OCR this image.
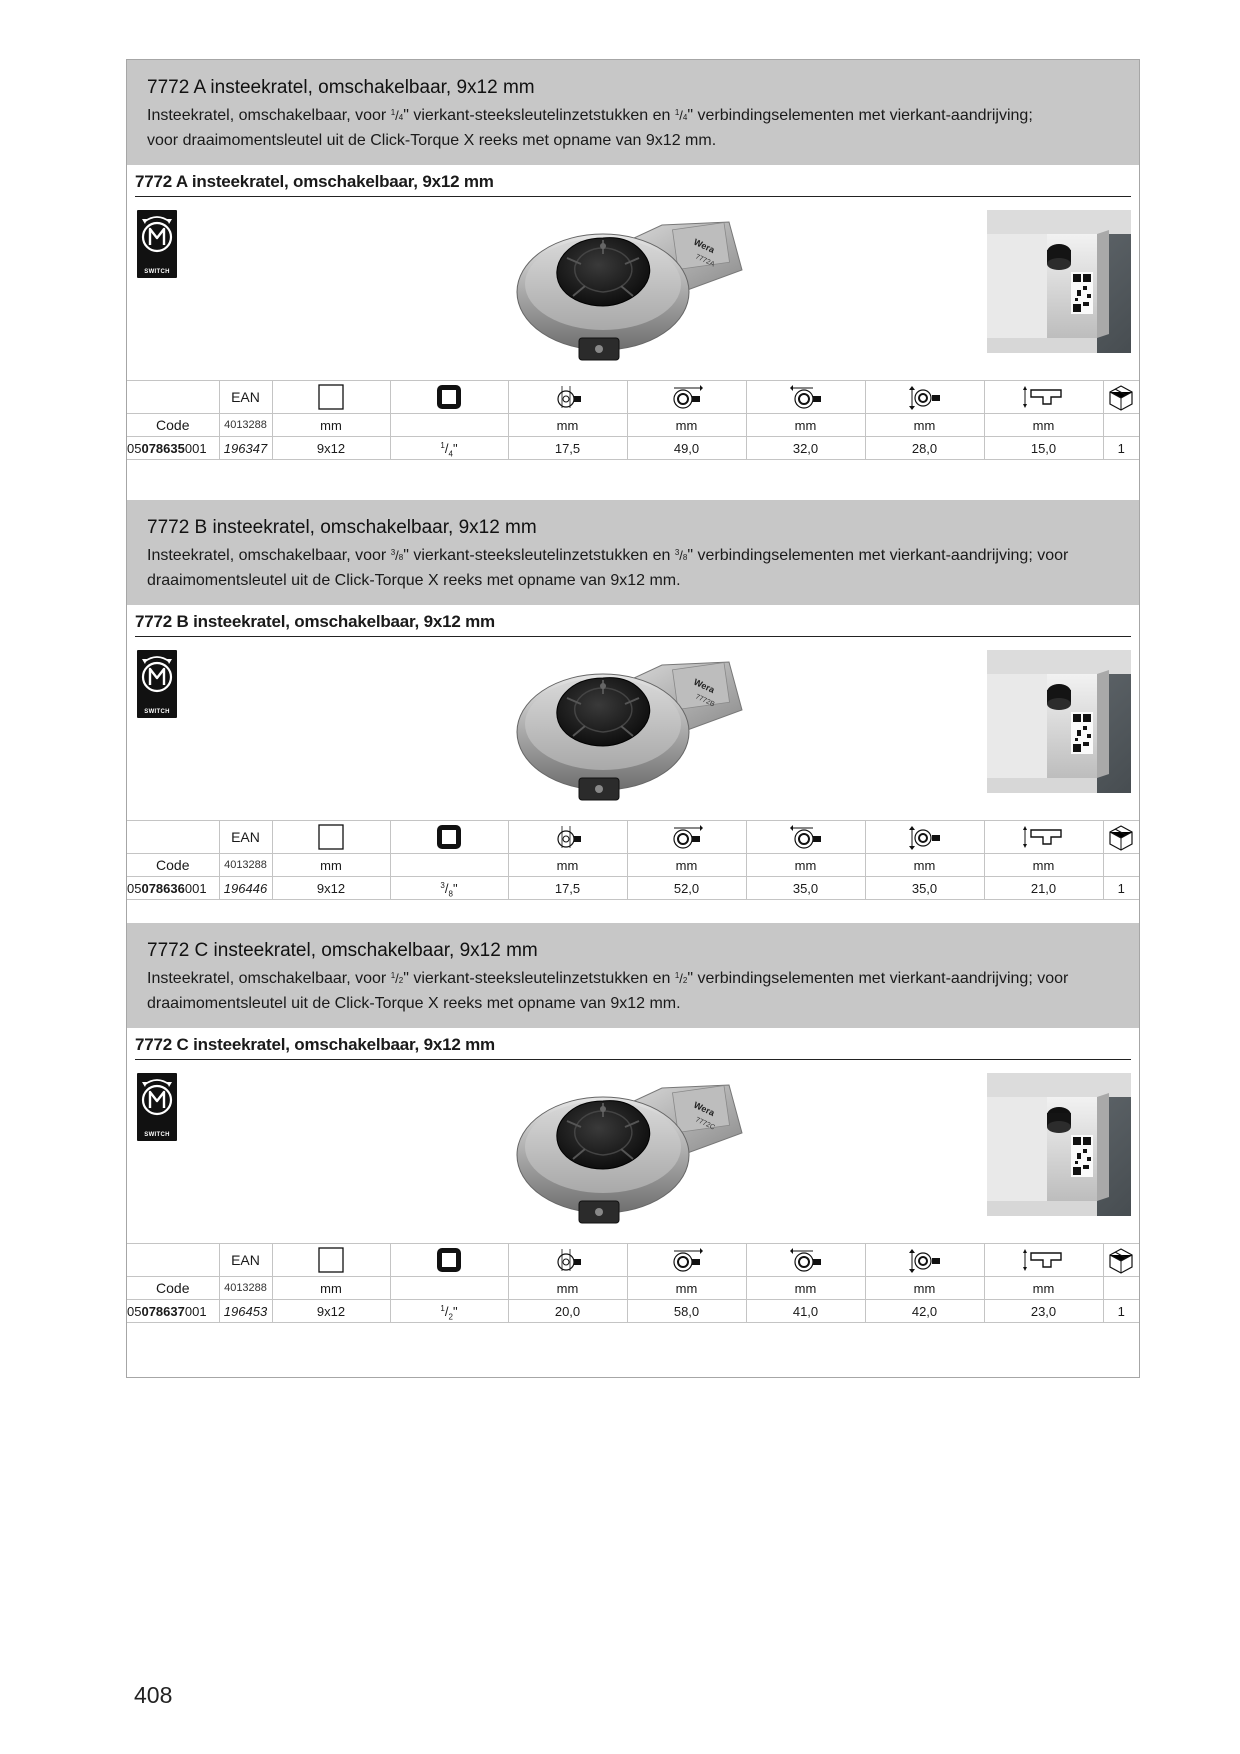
7772 A insteekratel, omschakelbaar, 9x12 mm
Insteekratel, omschakelbaar, voor $^1$/4" vierkant-steeksleutelinzetstukken en $^1$/4" verbindingselementen met vierkant-aandrijving;
voor draaimomentsleutel uit de Click-Torque X reeks met opname van 9x12 mm.
7772 A insteekratel, omschakelbaar, 9x12 mm
SWITCH
Wera
7772A
	EAN								
Code	4013288	mm		mm	mm	mm	mm	mm	
05078635001	196347	9x12	$^1/_4$"	17,5	49,0	32,0	28,0	15,0	1
7772 B insteekratel, omschakelbaar, 9x12 mm
Insteekratel, omschakelbaar, voor $^3$/8" vierkant-steeksleutelinzetstukken en $^3$/8" verbindingselementen met vierkant-aandrijving; voor
draaimomentsleutel uit de Click-Torque X reeks met opname van 9x12 mm.
7772 B insteekratel, omschakelbaar, 9x12 mm
SWITCH
Wera
7772B
	EAN								
Code	4013288	mm		mm	mm	mm	mm	mm	
05078636001	196446	9x12	$^3/_8$"	17,5	52,0	35,0	35,0	21,0	1
7772 C insteekratel, omschakelbaar, 9x12 mm
Insteekratel, omschakelbaar, voor $^1$/2" vierkant-steeksleutelinzetstukken en $^1$/2" verbindingselementen met vierkant-aandrijving; voor
draaimomentsleutel uit de Click-Torque X reeks met opname van 9x12 mm.
7772 C insteekratel, omschakelbaar, 9x12 mm
SWITCH
Wera
7772C
	EAN								
Code	4013288	mm		mm	mm	mm	mm	mm	
05078637001	196453	9x12	$^1/_2$"	20,0	58,0	41,0	42,0	23,0	1
408
